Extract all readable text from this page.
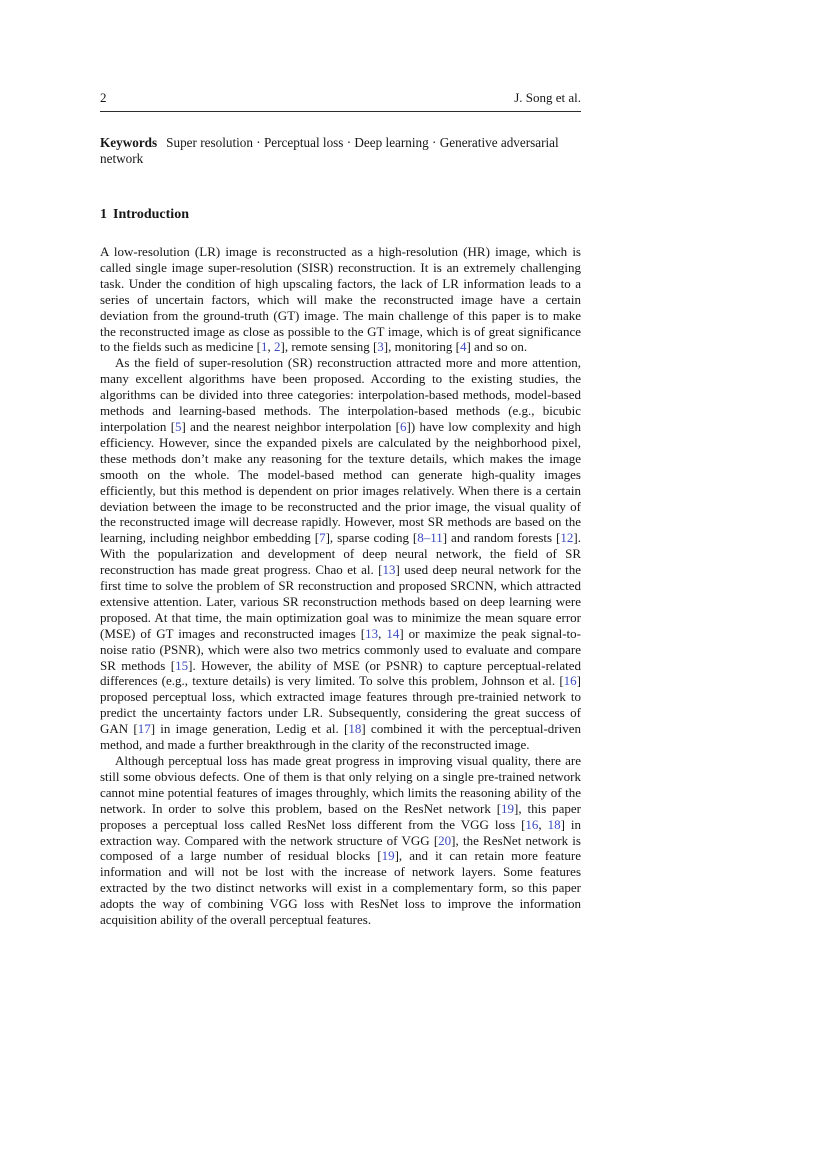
2	J. Song et al.

Keywords Super resolution · Perceptual loss · Deep learning · Generative adversarial network

1 Introduction

A low-resolution (LR) image is reconstructed as a high-resolution (HR) image, which is called single image super-resolution (SISR) reconstruction. It is an extremely challenging task. Under the condition of high upscaling factors, the lack of LR information leads to a series of uncertain factors, which will make the reconstructed image have a certain deviation from the ground-truth (GT) image. The main challenge of this paper is to make the reconstructed image as close as possible to the GT image, which is of great significance to the fields such as medicine [1, 2], remote sensing [3], monitoring [4] and so on.

As the field of super-resolution (SR) reconstruction attracted more and more attention, many excellent algorithms have been proposed. According to the existing studies, the algorithms can be divided into three categories: interpolation-based methods, model-based methods and learning-based methods. The interpolation-based methods (e.g., bicubic interpolation [5] and the nearest neighbor interpolation [6]) have low complexity and high efficiency. However, since the expanded pixels are calculated by the neighborhood pixel, these methods don’t make any reasoning for the texture details, which makes the image smooth on the whole. The model-based method can generate high-quality images efficiently, but this method is dependent on prior images relatively. When there is a certain deviation between the image to be reconstructed and the prior image, the visual quality of the reconstructed image will decrease rapidly. However, most SR methods are based on the learning, including neighbor embedding [7], sparse coding [8–11] and random forests [12]. With the popularization and development of deep neural network, the field of SR reconstruction has made great progress. Chao et al. [13] used deep neural network for the first time to solve the problem of SR reconstruction and proposed SRCNN, which attracted extensive attention. Later, various SR reconstruction methods based on deep learning were proposed. At that time, the main optimization goal was to minimize the mean square error (MSE) of GT images and reconstructed images [13, 14] or maximize the peak signal-to-noise ratio (PSNR), which were also two metrics commonly used to evaluate and compare SR methods [15]. However, the ability of MSE (or PSNR) to capture perceptual-related differences (e.g., texture details) is very limited. To solve this problem, Johnson et al. [16] proposed perceptual loss, which extracted image features through pre-trainied network to predict the uncertainty factors under LR. Subsequently, considering the great success of GAN [17] in image generation, Ledig et al. [18] combined it with the perceptual-driven method, and made a further breakthrough in the clarity of the reconstructed image.

Although perceptual loss has made great progress in improving visual quality, there are still some obvious defects. One of them is that only relying on a single pre-trained network cannot mine potential features of images throughly, which limits the reasoning ability of the network. In order to solve this problem, based on the ResNet network [19], this paper proposes a perceptual loss called ResNet loss different from the VGG loss [16, 18] in extraction way. Compared with the network structure of VGG [20], the ResNet network is composed of a large number of residual blocks [19], and it can retain more feature information and will not be lost with the increase of network layers. Some features extracted by the two distinct networks will exist in a complementary form, so this paper adopts the way of combining VGG loss with ResNet loss to improve the information acquisition ability of the overall perceptual features.
